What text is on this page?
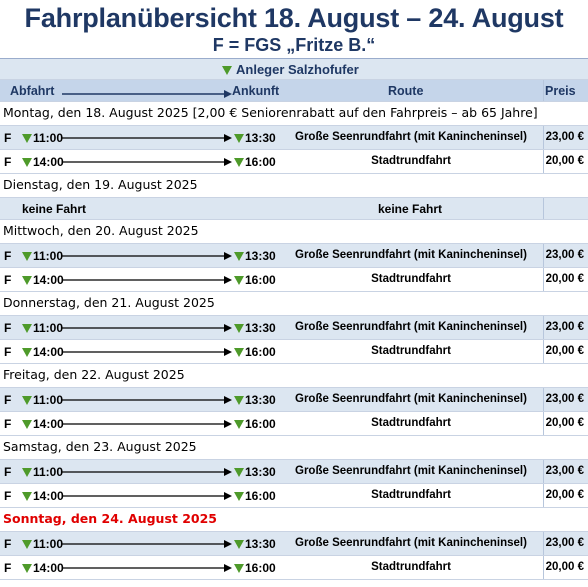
Fahrplanübersicht 18. August – 24. August
F = FGS „Fritze B.“
Anleger Salzhofufer
Abfahrt	Ankunft	Route	Preis
Montag, den 18. August 2025 [2,00 € Seniorenrabatt auf den Fahrpreis – ab 65 Jahre]
F	11:00	13:30	Große Seenrundfahrt (mit Kanincheninsel)	23,00 €
F	14:00	16:00	Stadtrundfahrt	20,00 €
Dienstag, den 19. August 2025
keine Fahrt	keine Fahrt
Mittwoch, den 20. August 2025
F	11:00	13:30	Große Seenrundfahrt (mit Kanincheninsel)	23,00 €
F	14:00	16:00	Stadtrundfahrt	20,00 €
Donnerstag, den 21. August 2025
F	11:00	13:30	Große Seenrundfahrt (mit Kanincheninsel)	23,00 €
F	14:00	16:00	Stadtrundfahrt	20,00 €
Freitag, den 22. August 2025
F	11:00	13:30	Große Seenrundfahrt (mit Kanincheninsel)	23,00 €
F	14:00	16:00	Stadtrundfahrt	20,00 €
Samstag, den 23. August 2025
F	11:00	13:30	Große Seenrundfahrt (mit Kanincheninsel)	23,00 €
F	14:00	16:00	Stadtrundfahrt	20,00 €
Sonntag, den 24. August 2025
F	11:00	13:30	Große Seenrundfahrt (mit Kanincheninsel)	23,00 €
F	14:00	16:00	Stadtrundfahrt	20,00 €
